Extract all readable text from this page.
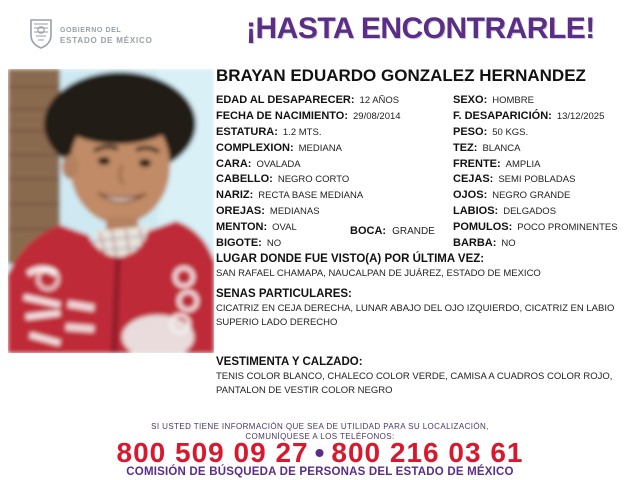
GOBIERNO DEL
ESTADO DE MÉXICO	¡HASTA ENCONTRARLE!
BRAYAN EDUARDO GONZALEZ HERNANDEZ
EDAD AL DESAPARECER: 12 AÑOS
FECHA DE NACIMIENTO: 29/08/2014
ESTATURA: 1.2 MTS.
COMPLEXION: MEDIANA
CARA: OVALADA
CABELLO: NEGRO CORTO
NARIZ: RECTA BASE MEDIANA
OREJAS: MEDIANAS
MENTON: OVAL
BIGOTE: NO
SEXO: HOMBRE
F. DESAPARICIÓN: 13/12/2025
PESO: 50 KGS.
TEZ: BLANCA
FRENTE: AMPLIA
CEJAS: SEMI POBLADAS
OJOS: NEGRO GRANDE
LABIOS: DELGADOS
POMULOS: POCO PROMINENTES
BARBA: NO
BOCA: GRANDE
LUGAR DONDE FUE VISTO(A) POR ÚLTIMA VEZ:
SAN RAFAEL CHAMAPA, NAUCALPAN DE JUÁREZ, ESTADO DE MEXICO
SENAS PARTICULARES:
CICATRIZ EN CEJA DERECHA, LUNAR ABAJO DEL OJO IZQUIERDO, CICATRIZ EN LABIO SUPERIO LADO DERECHO
VESTIMENTA Y CALZADO:
TENIS COLOR BLANCO, CHALECO COLOR VERDE, CAMISA A CUADROS COLOR ROJO, PANTALON DE VESTIR COLOR NEGRO
SI USTED TIENE INFORMACIÓN QUE SEA DE UTILIDAD PARA SU LOCALIZACIÓN,
COMUNÍQUESE A LOS TELÉFONOS:
800 509 09 27 • 800 216 03 61
COMISIÓN DE BÚSQUEDA DE PERSONAS DEL ESTADO DE MÉXICO
